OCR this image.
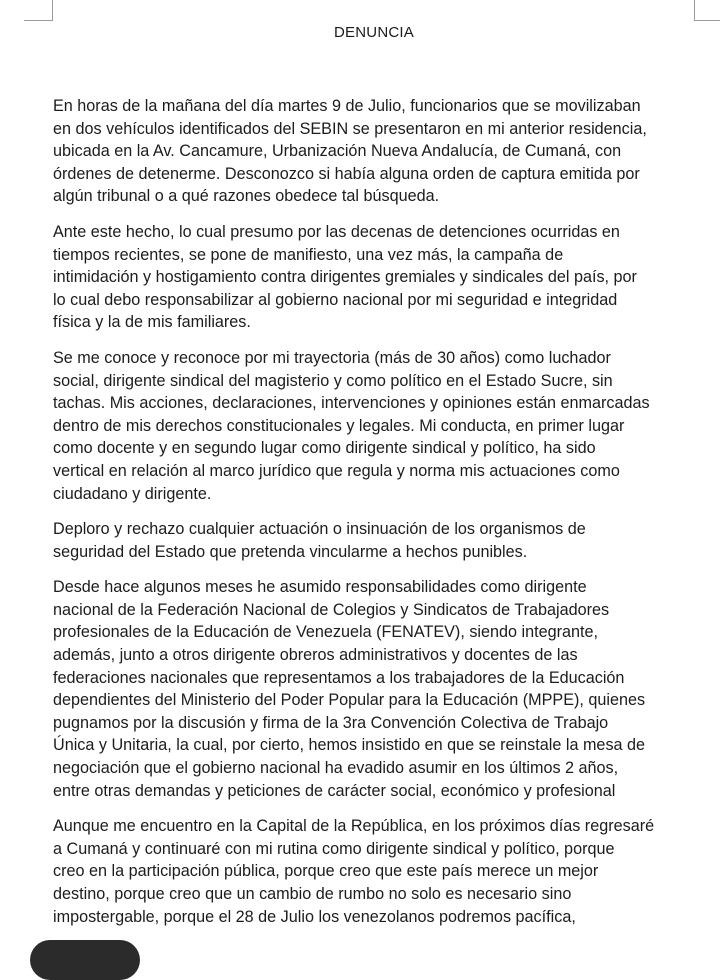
DENUNCIA

En horas de la mañana del día martes 9 de Julio, funcionarios que se movilizaban
en dos vehículos identificados del SEBIN se presentaron en mi anterior residencia,
ubicada en la Av. Cancamure, Urbanización Nueva Andalucía, de Cumaná, con
órdenes de detenerme. Desconozco si había alguna orden de captura emitida por
algún tribunal o a qué razones obedece tal búsqueda.

Ante este hecho, lo cual presumo por las decenas de detenciones ocurridas en
tiempos recientes, se pone de manifiesto, una vez más, la campaña de
intimidación y hostigamiento contra dirigentes gremiales y sindicales del país, por
lo cual debo responsabilizar al gobierno nacional por mi seguridad e integridad
física y la de mis familiares.

Se me conoce y reconoce por mi trayectoria (más de 30 años) como luchador
social, dirigente sindical del magisterio y como político en el Estado Sucre, sin
tachas. Mis acciones, declaraciones, intervenciones y opiniones están enmarcadas
dentro de mis derechos constitucionales y legales. Mi conducta, en primer lugar
como docente y en segundo lugar como dirigente sindical y político, ha sido
vertical en relación al marco jurídico que regula y norma mis actuaciones como
ciudadano y dirigente.

Deploro y rechazo cualquier actuación o insinuación de los organismos de
seguridad del Estado que pretenda vincularme a hechos punibles.

Desde hace algunos meses he asumido responsabilidades como dirigente
nacional de la Federación Nacional de Colegios y Sindicatos de Trabajadores
profesionales de la Educación de Venezuela (FENATEV), siendo integrante,
además, junto a otros dirigente obreros administrativos y docentes de las
federaciones nacionales que representamos a los trabajadores de la Educación
dependientes del Ministerio del Poder Popular para la Educación (MPPE), quienes
pugnamos por la discusión y firma de la 3ra Convención Colectiva de Trabajo
Única y Unitaria, la cual, por cierto, hemos insistido en que se reinstale la mesa de
negociación que el gobierno nacional ha evadido asumir en los últimos 2 años,
entre otras demandas y peticiones de carácter social, económico y profesional

Aunque me encuentro en la Capital de la República, en los próximos días regresaré
a Cumaná y continuaré con mi rutina como dirigente sindical y político, porque
creo en la participación pública, porque creo que este país merece un mejor
destino, porque creo que un cambio de rumbo no solo es necesario sino
impostergable, porque el 28 de Julio los venezolanos podremos pacífica,
